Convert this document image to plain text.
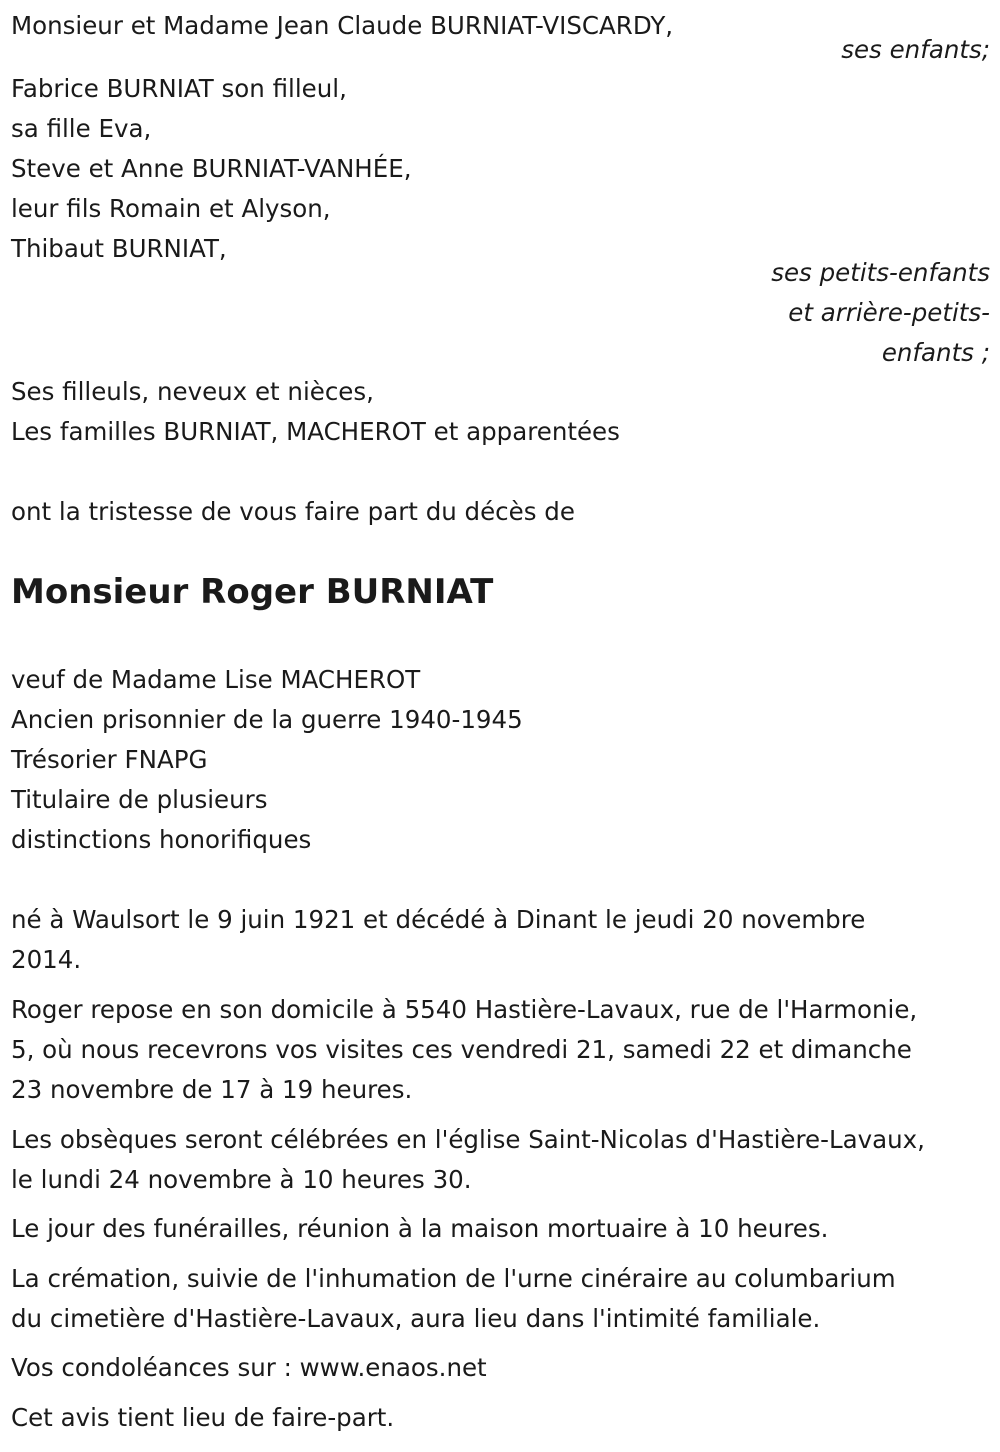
Monsieur et Madame Jean Claude BURNIAT-VISCARDY,
ses enfants;
Fabrice BURNIAT son filleul,
sa fille Eva,
Steve et Anne BURNIAT-VANHÉE,
leur fils Romain et Alyson,
Thibaut BURNIAT,
ses petits-enfants
et arrière-petits-
enfants ;
Ses filleuls, neveux et nièces,
Les familles BURNIAT, MACHEROT et apparentées
ont la tristesse de vous faire part du décès de
Monsieur Roger BURNIAT
veuf de Madame Lise MACHEROT
Ancien prisonnier de la guerre 1940-1945
Trésorier FNAPG
Titulaire de plusieurs
distinctions honorifiques
né à Waulsort le 9 juin 1921 et décédé à Dinant le jeudi 20 novembre
2014.
Roger repose en son domicile à 5540 Hastière-Lavaux, rue de l'Harmonie,
5, où nous recevrons vos visites ces vendredi 21, samedi 22 et dimanche
23 novembre de 17 à 19 heures.
Les obsèques seront célébrées en l'église Saint-Nicolas d'Hastière-Lavaux,
le lundi 24 novembre à 10 heures 30.
Le jour des funérailles, réunion à la maison mortuaire à 10 heures.
La crémation, suivie de l'inhumation de l'urne cinéraire au columbarium
du cimetière d'Hastière-Lavaux, aura lieu dans l'intimité familiale.
Vos condoléances sur : www.enaos.net
Cet avis tient lieu de faire-part.
